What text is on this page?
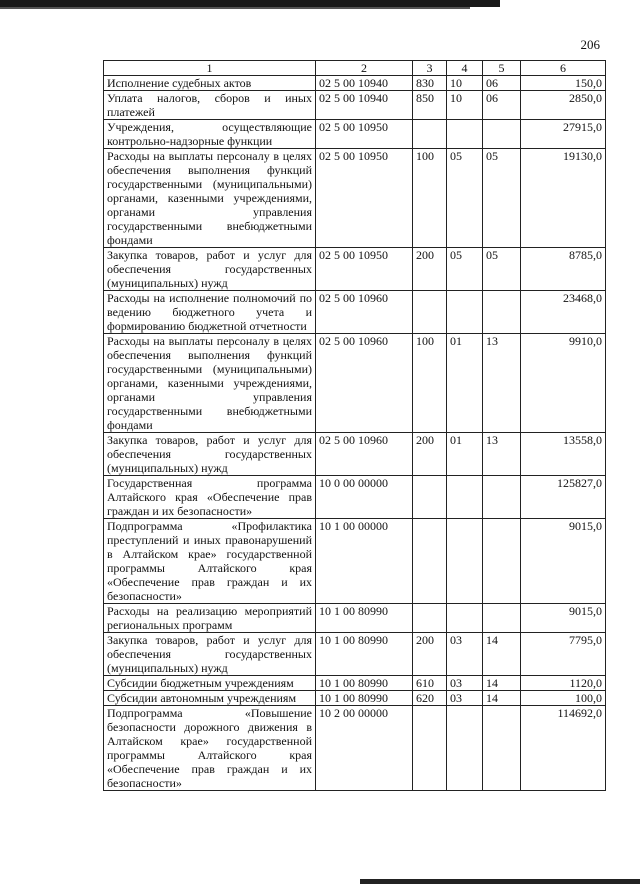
206
1	2	3	4	5	6
Исполнение судебных актов	02 5 00 10940	830	10	06	150,0
Уплата налогов, сборов и иных платежей	02 5 00 10940	850	10	06	2850,0
Учреждения, осуществляющие контрольно-надзорные функции	02 5 00 10950				27915,0
Расходы на выплаты персоналу в целях обеспечения выполнения функций государственными (муниципальными) органами, казенными учреждениями, органами управления государственными внебюджетными фондами	02 5 00 10950	100	05	05	19130,0
Закупка товаров, работ и услуг для обеспечения государственных (муниципальных) нужд	02 5 00 10950	200	05	05	8785,0
Расходы на исполнение полномочий по ведению бюджетного учета и формированию бюджетной отчетности	02 5 00 10960				23468,0
Расходы на выплаты персоналу в целях обеспечения выполнения функций государственными (муниципальными) органами, казенными учреждениями, органами управления государственными внебюджетными фондами	02 5 00 10960	100	01	13	9910,0
Закупка товаров, работ и услуг для обеспечения государственных (муниципальных) нужд	02 5 00 10960	200	01	13	13558,0
Государственная программа Алтайского края «Обеспечение прав граждан и их безопасности»	10 0 00 00000				125827,0
Подпрограмма «Профилактика преступлений и иных правонарушений в Алтайском крае» государственной программы Алтайского края «Обеспечение прав граждан и их безопасности»	10 1 00 00000				9015,0
Расходы на реализацию мероприятий региональных программ	10 1 00 80990				9015,0
Закупка товаров, работ и услуг для обеспечения государственных (муниципальных) нужд	10 1 00 80990	200	03	14	7795,0
Субсидии бюджетным учреждениям	10 1 00 80990	610	03	14	1120,0
Субсидии автономным учреждениям	10 1 00 80990	620	03	14	100,0
Подпрограмма «Повышение безопасности дорожного движения в Алтайском крае» государственной программы Алтайского края «Обеспечение прав граждан и их безопасности»	10 2 00 00000				114692,0
